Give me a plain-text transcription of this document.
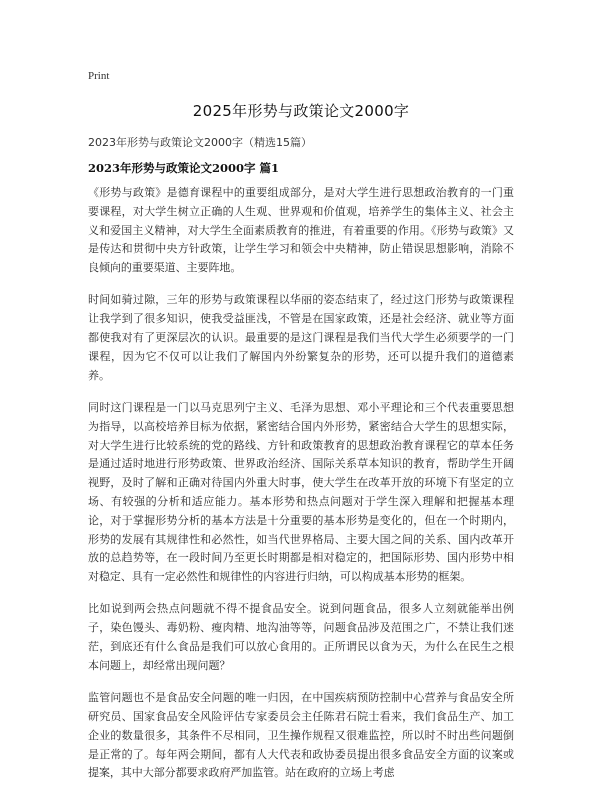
Print
2025年形势与政策论文2000字

2023年形势与政策论文2000字（精选15篇）

2023年形势与政策论文2000字 篇1

《形势与政策》是德育课程中的重要组成部分，是对大学生进行思想政治教育的一门重要课程，对大学生树立正确的人生观、世界观和价值观，培养学生的集体主义、社会主义和爱国主义精神，对大学生全面素质教育的推进，有着重要的作用。《形势与政策》又是传达和贯彻中央方针政策，让学生学习和领会中央精神，防止错误思想影响，消除不良倾向的重要渠道、主要阵地。

时间如骑过隙，三年的形势与政策课程以华丽的姿态结束了，经过这门形势与政策课程让我学到了很多知识，使我受益匪浅，不管是在国家政策，还是社会经济、就业等方面都使我对有了更深层次的认识。最重要的是这门课程是我们当代大学生必须要学的一门课程，因为它不仅可以让我们了解国内外纷繁复杂的形势，还可以提升我们的道德素养。

同时这门课程是一门以马克思列宁主义、毛泽为思想、邓小平理论和三个代表重要思想为指导，以高校培养目标为依据，紧密结合国内外形势，紧密结合大学生的思想实际，对大学生进行比较系统的党的路线、方针和政策教育的思想政治教育课程它的草本任务是通过适时地进行形势政策、世界政治经济、国际关系草本知识的教育，帮助学生开阔视野，及时了解和正确对待国内外重大时事，使大学生在改革开放的环境下有坚定的立场、有较强的分析和适应能力。基本形势和热点问题对于学生深入理解和把握基本理论，对于掌握形势分析的基本方法是十分重要的基本形势是变化的，但在一个时期内，形势的发展有其规律性和必然性，如当代世界格局、主要大国之间的关系、国内改革开放的总趋势等，在一段时间乃至更长时期都是相对稳定的，把国际形势、国内形势中相对稳定、具有一定必然性和规律性的内容进行归纳，可以构成基本形势的框架。

比如说到两会热点问题就不得不提食品安全。说到问题食品，很多人立刻就能举出例子，染色馒头、毒奶粉、瘦肉精、地沟油等等，问题食品涉及范围之广，不禁让我们迷茫，到底还有什么食品是我们可以放心食用的。正所谓民以食为天，为什么在民生之根本问题上，却经常出现问题？

监管问题也不是食品安全问题的唯一归因，在中国疾病预防控制中心营养与食品安全所研究员、国家食品安全风险评估专家委员会主任陈君石院士看来，我们食品生产、加工企业的数量很多，其条件不尽相同，卫生操作规程又很难监控，所以时不时出些问题倒是正常的了。每年两会期间，都有人大代表和政协委员提出很多食品安全方面的议案或提案，其中大部分都要求政府严加监管。站在政府的立场上考虑
